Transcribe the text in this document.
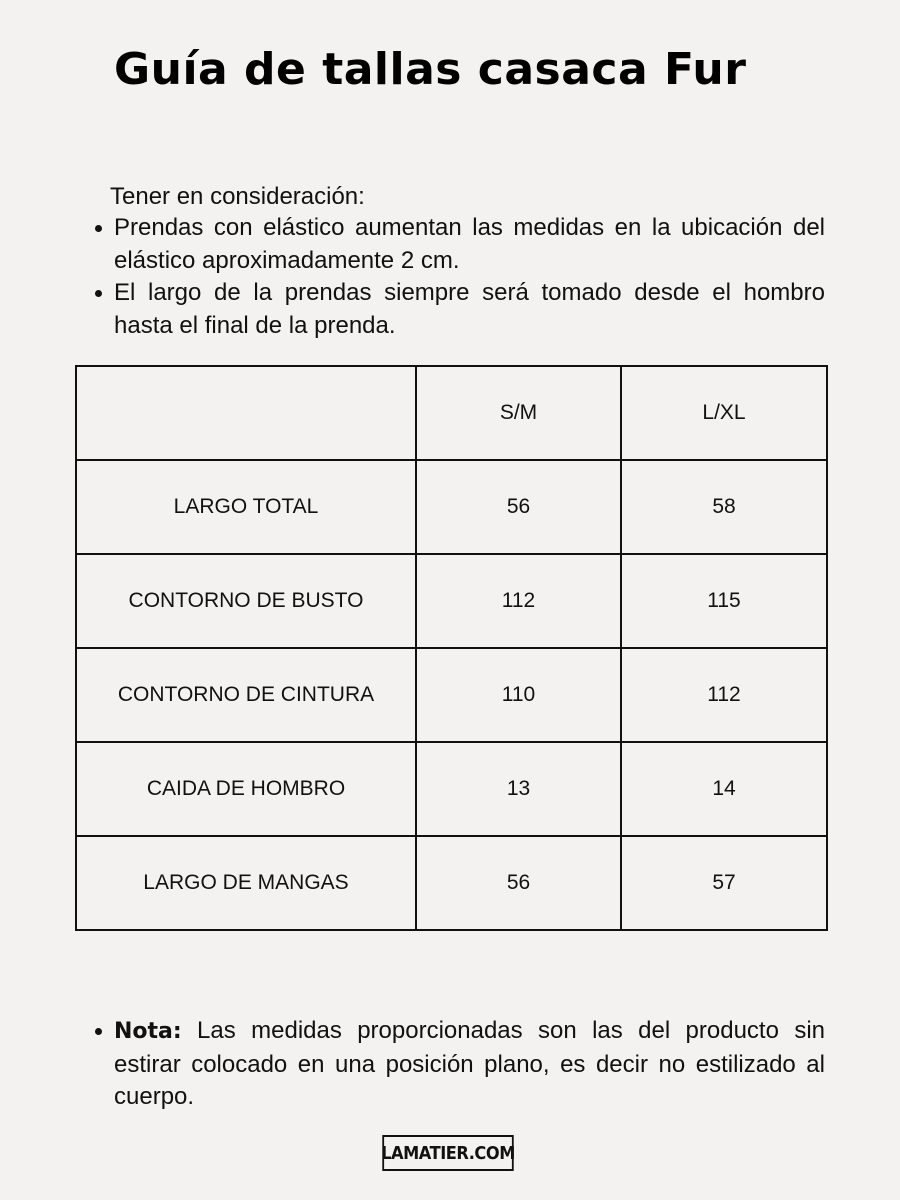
Guía de tallas casaca Fur
Tener en consideración:
Prendas con elástico aumentan las medidas en la ubicación del elástico aproximadamente 2 cm.
El largo de la prendas siempre será tomado desde el hombro hasta el final de la prenda.
	S/M	L/XL
LARGO TOTAL	56	58
CONTORNO DE BUSTO	112	115
CONTORNO DE CINTURA	110	112
CAIDA DE HOMBRO	13	14
LARGO DE MANGAS	56	57
Nota: Las medidas proporcionadas son las del producto sin estirar colocado en una posición plano, es decir no estilizado al cuerpo.
LAMATIER.COM
